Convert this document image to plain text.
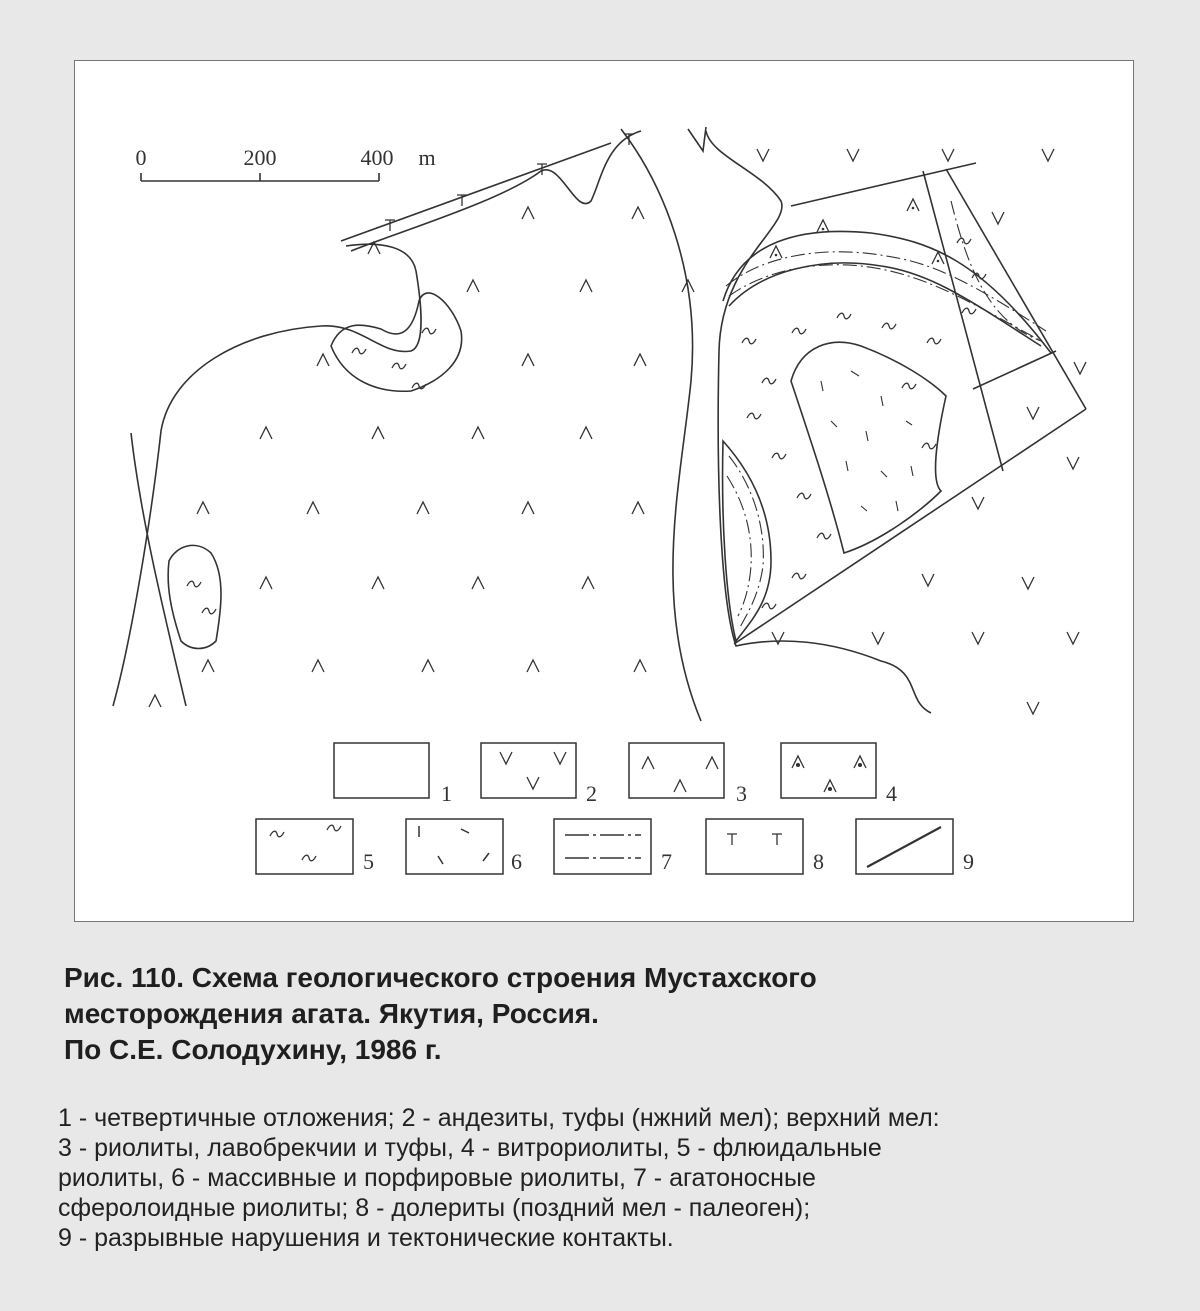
0	200	400 m
1	2	3	4
5	6	7	8	9
Рис. 110. Схема геологического строения Мустахского
месторождения агата. Якутия, Россия.
По С.Е. Солодухину, 1986 г.
1 - четвертичные отложения; 2 - андезиты, туфы (нжний мел); верхний мел:
3 - риолиты, лавобрекчии и туфы, 4 - витрориолиты, 5 - флюидальные
риолиты, 6 - массивные и порфировые риолиты, 7 - агатоносные
сферолоидные риолиты; 8 - долериты (поздний мел - палеоген);
9 - разрывные нарушения и тектонические контакты.
